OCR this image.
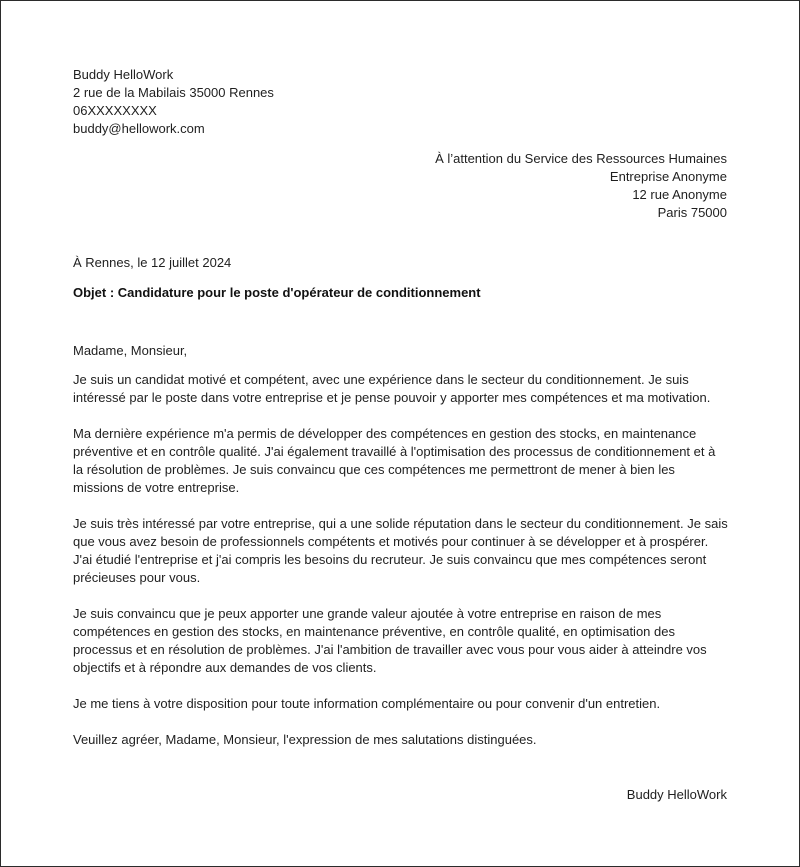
Buddy HelloWork
2 rue de la Mabilais 35000 Rennes
06XXXXXXXX
buddy@hellowork.com
À l’attention du Service des Ressources Humaines
Entreprise Anonyme
12 rue Anonyme
Paris 75000
À Rennes, le 12 juillet 2024
Objet : Candidature pour le poste d'opérateur de conditionnement

Madame, Monsieur,

Je suis un candidat motivé et compétent, avec une expérience dans le secteur du conditionnement. Je suis intéressé par le poste dans votre entreprise et je pense pouvoir y apporter mes compétences et ma motivation.

Ma dernière expérience m'a permis de développer des compétences en gestion des stocks, en maintenance préventive et en contrôle qualité. J'ai également travaillé à l'optimisation des processus de conditionnement et à la résolution de problèmes. Je suis convaincu que ces compétences me permettront de mener à bien les missions de votre entreprise.

Je suis très intéressé par votre entreprise, qui a une solide réputation dans le secteur du conditionnement. Je sais que vous avez besoin de professionnels compétents et motivés pour continuer à se développer et à prospérer. J'ai étudié l'entreprise et j'ai compris les besoins du recruteur. Je suis convaincu que mes compétences seront précieuses pour vous.

Je suis convaincu que je peux apporter une grande valeur ajoutée à votre entreprise en raison de mes compétences en gestion des stocks, en maintenance préventive, en contrôle qualité, en optimisation des processus et en résolution de problèmes. J'ai l'ambition de travailler avec vous pour vous aider à atteindre vos objectifs et à répondre aux demandes de vos clients.

Je me tiens à votre disposition pour toute information complémentaire ou pour convenir d'un entretien.

Veuillez agréer, Madame, Monsieur, l'expression de mes salutations distinguées.

Buddy HelloWork
